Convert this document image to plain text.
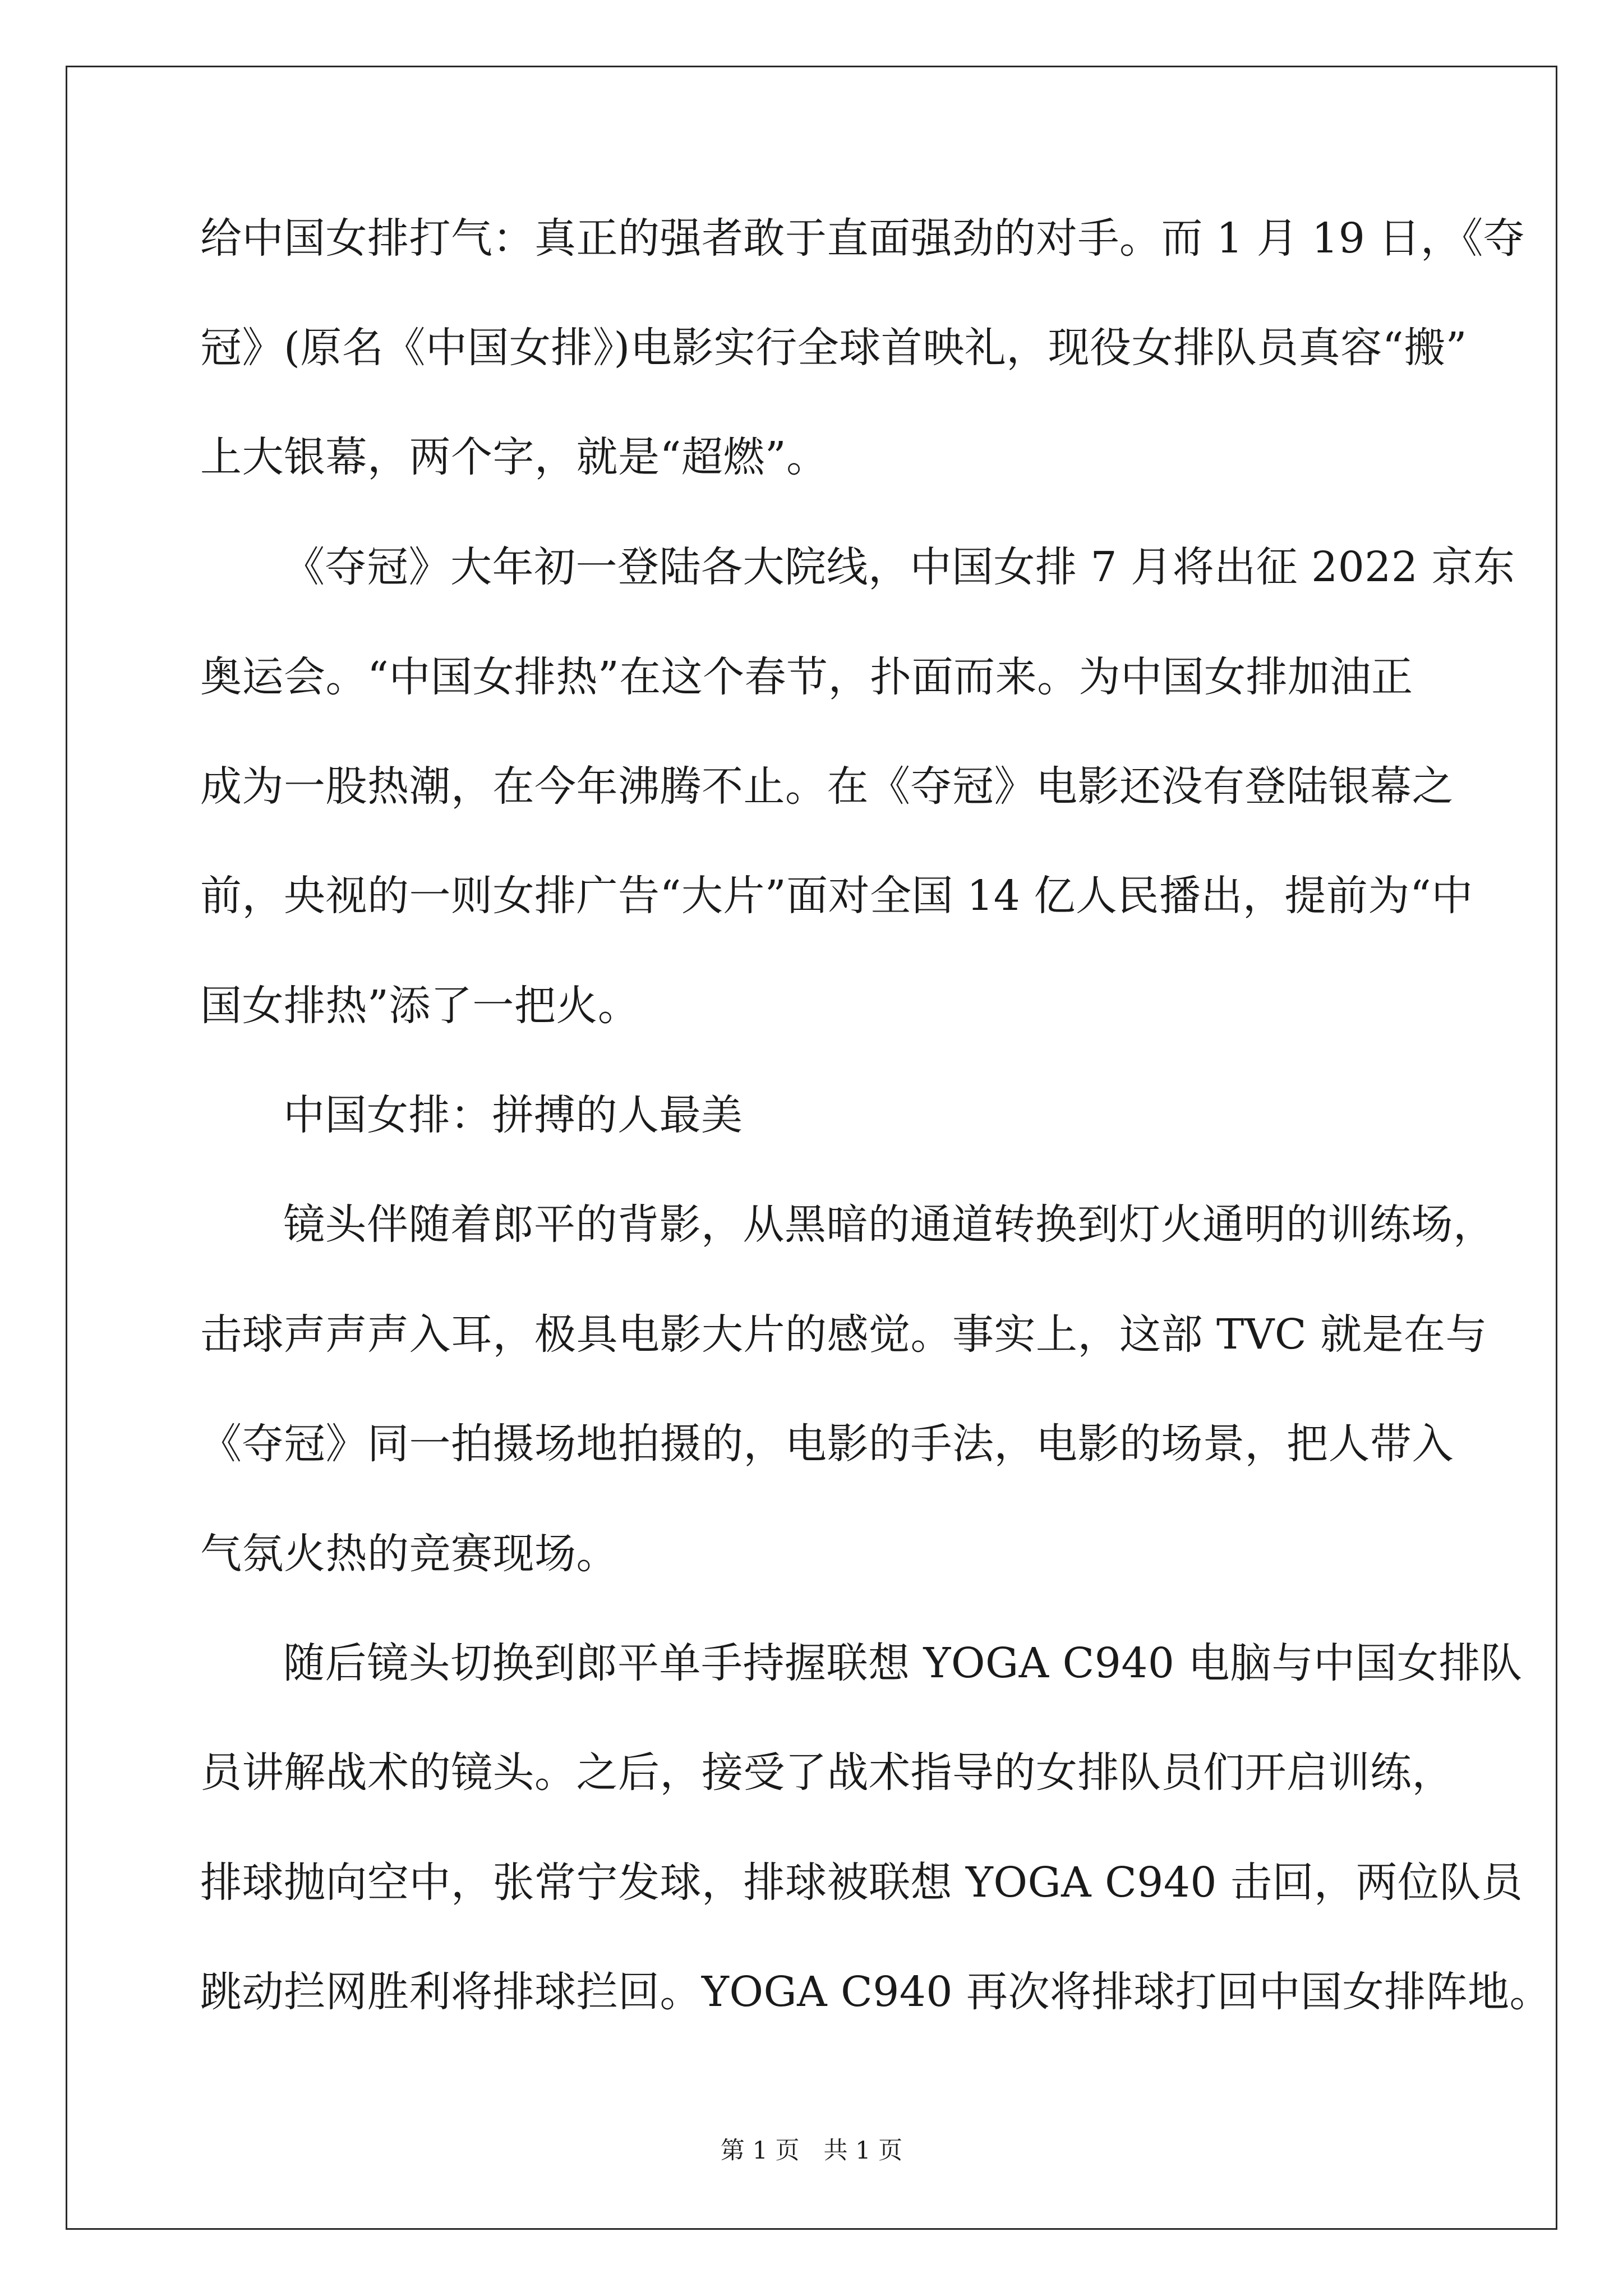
给中国女排打气：真正的强者敢于直面强劲的对手。而 1 月 19 日，《夺
冠》(原名《中国女排》)电影实行全球首映礼，现役女排队员真容“搬”
上大银幕，两个字，就是“超燃”。
《夺冠》大年初一登陆各大院线，中国女排 7 月将出征 2022 京东
奥运会。“中国女排热”在这个春节，扑面而来。为中国女排加油正
成为一股热潮，在今年沸腾不止。在《夺冠》电影还没有登陆银幕之
前，央视的一则女排广告“大片”面对全国 14 亿人民播出，提前为“中
国女排热”添了一把火。
中国女排：拼搏的人最美
镜头伴随着郎平的背影，从黑暗的通道转换到灯火通明的训练场，
击球声声声入耳，极具电影大片的感觉。事实上，这部 TVC 就是在与
《夺冠》同一拍摄场地拍摄的，电影的手法，电影的场景，把人带入
气氛火热的竞赛现场。
随后镜头切换到郎平单手持握联想 YOGA C940 电脑与中国女排队
员讲解战术的镜头。之后，接受了战术指导的女排队员们开启训练，
排球抛向空中，张常宁发球，排球被联想 YOGA C940 击回，两位队员
跳动拦网胜利将排球拦回。YOGA C940 再次将排球打回中国女排阵地。
第 1 页　共 1 页
